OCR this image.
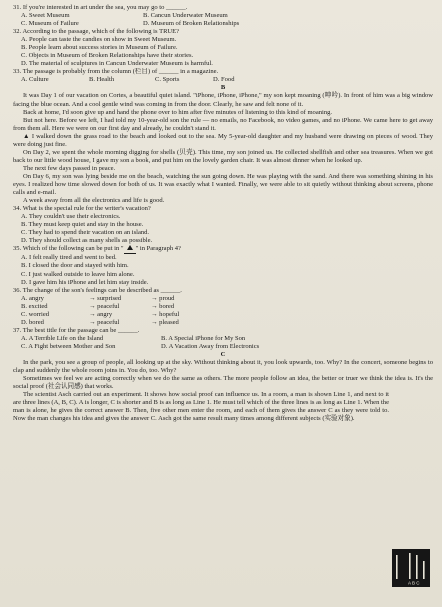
31. If you're interested in art under the sea, you may go to ______.
A. Sweet Museum	B. Cancun Underwater Museum
C. Museum of Failure	D. Museum of Broken Relationships
32. According to the passage, which of the following is TRUE?
A. People can taste the candies on show in Sweet Museum.
B. People learn about success stories in Museum of Failure.
C. Objects in Museum of Broken Relationships have their stories.
D. The material of sculptures in Cancun Underwater Museum is harmful.
33. The passage is probably from the column (栏目) of ______ in a magazine.
A. Culture	B. Health	C. Sports	D. Food
B

It was Day 1 of our vacation on Cortes, a beautiful quiet island. "iPhone, iPhone, iPhone," my son kept moaning (呻吟). In front of him was a big window facing the blue ocean. And a cool gentle wind was coming in from the door. Clearly, he saw and felt none of it.

Back at home, I'd soon give up and hand the phone over to him after five minutes of listening to this kind of moaning.

But not here. Before we left, I had told my 10-year-old son the rule — no emails, no Facebook, no video games, and no iPhone. We came here to get away from them all. Here we were on our first day and already, he couldn't stand it.

▲ I walked down the grass road to the beach and looked out to the sea. My 5-year-old daughter and my husband were drawing on pieces of wood. They were doing just fine.

On Day 2, we spent the whole morning digging for shells (贝壳). This time, my son joined us. He collected shellfish and other sea treasures. When we got back to our little wood house, I gave my son a book, and put him on the lovely garden chair. It was almost dinner when he looked up.

The next few days passed in peace.

On Day 6, my son was lying beside me on the beach, watching the sun going down. He was playing with the sand. And there was something shining in his eyes. I realized how time slowed down for both of us. It was exactly what I wanted. Finally, we were able to sit quietly without thinking about screens, phone calls and e-mail.

A week away from all the electronics and life is good.

34. What is the special rule for the writer's vacation?
A. They couldn't use their electronics.
B. They must keep quiet and stay in the house.
C. They had to spend their vacation on an island.
D. They should collect as many shells as possible.
35. Which of the following can be put in " " in Paragraph 4?
A. I felt really tired and went to bed.
B. I closed the door and stayed with him.
C. I just walked outside to leave him alone.
D. I gave him his iPhone and let him stay inside.
36. The change of the son's feelings can be described as ______.
A. angry	→ surprised	→ proud
B. excited	→ peaceful	→ bored
C. worried	→ angry	→ hopeful
D. bored	→ peaceful	→ pleased
37. The best title for the passage can be ______.
A. A Terrible Life on the Island	B. A Special iPhone for My Son
C. A Fight between Mother and Son	D. A Vacation Away from Electronics
C

In the park, you see a group of people, all looking up at the sky. Without thinking about it, you look upwards, too. Why? In the concert, someone begins to clap and suddenly the whole room joins in. You do, too. Why?

Sometimes we feel we are acting correctly when we do the same as others. The more people follow an idea, the better or truer we think the idea is. It's the social proof (社会认同感) that works.

The scientist Asch carried out an experiment. It shows how social proof can influence us. In a room, a man is shown Line 1, and next to it are three lines (A, B, C). A is longer, C is shorter and B is as long as Line 1. He must tell which of the three lines is as long as Line 1. When the man is alone, he gives the correct answer B. Then, five other men enter the room, and each of them gives the answer C as they were told to. Now the man changes his idea and gives the answer C. Asch got the same result many times among different subjects (实验对象).

A B C
